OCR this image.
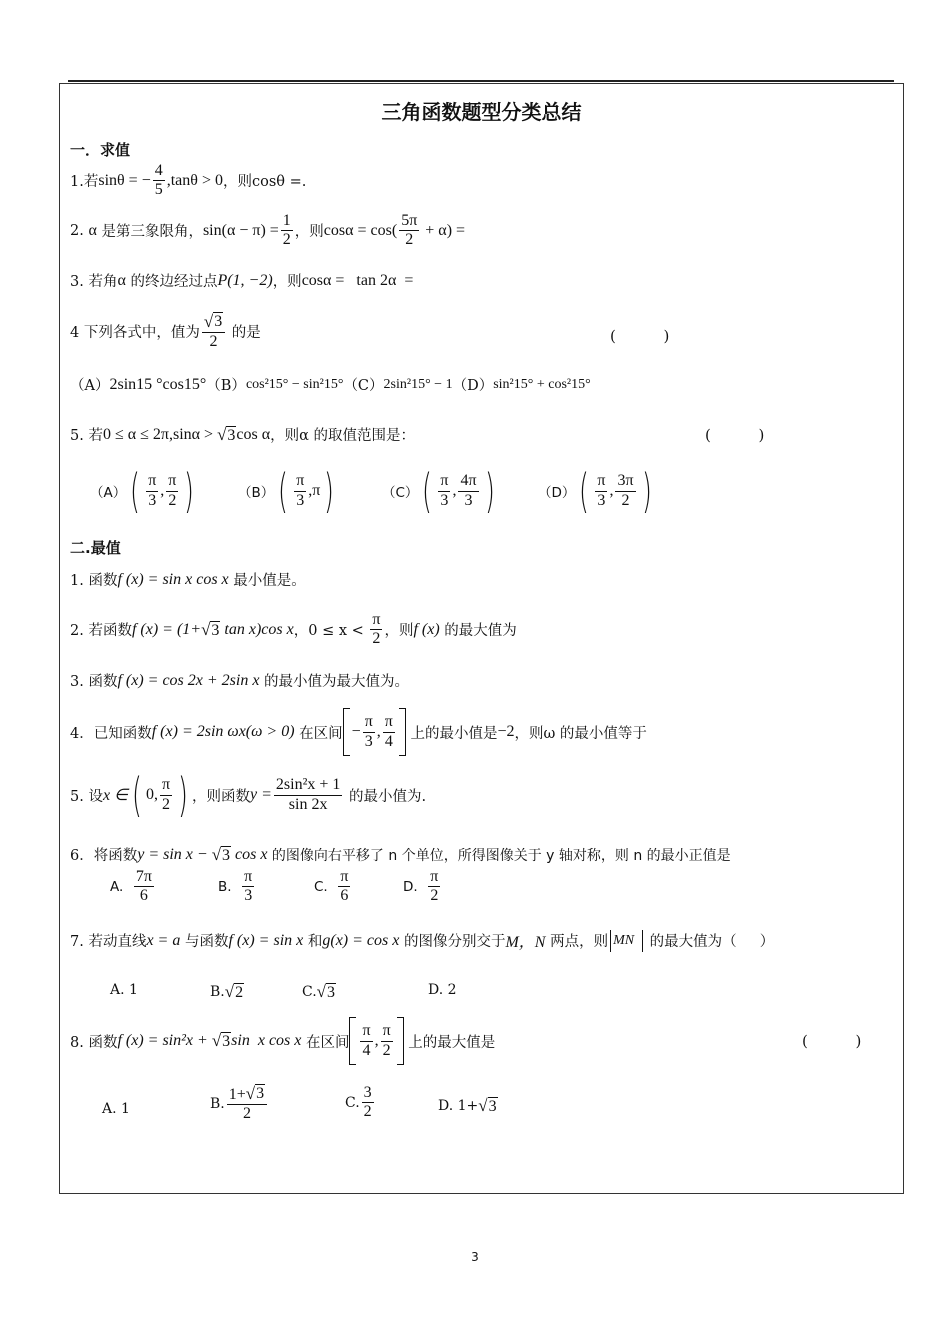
三角函数题型分类总结
一．求值
1.若 sinθ = − $\frac{4}{5} ,\tan\theta > 0$ ，则cosθ =.
2. α 是第三象限角， $\sin(\alpha - \pi) = \frac{1}{2}$ ，则 $\cos\alpha = \cos( \frac{5\pi}{2} + \alpha)$ =
3. 若角 α 的终边经过点 P(1, −2) ，则 cosα =   tan 2α  =
4 下列各式中，值为 $\frac{√ 3}{2}$ 的是	(          )
（A） 2sin15 °cos15° （B） cos²15° − sin²15° （C） 2sin²15° − 1 （D） sin²15° + cos²15°
5. 若 0 ≤ α ≤ 2π,sinα > √ 3 cos α ，则α 的取值范围是：	(          )
（A） ( $\frac{\pi}{3}$ , $\frac{\pi}{2}$ )	（B） ( $\frac{\pi}{3}$ , π )	（C） ( $\frac{\pi}{3}$ , $\frac{4\pi}{3}$ )	（D） ( $\frac{\pi}{3}$ , $\frac{3\pi}{2}$ )
二.最值
1. 函数 f (x) = sin x cos x 最小值是。
2. 若函数 f (x) = (1+ √ 3 tan x)cos x ，$0 \le x < \frac{\pi}{2}$ ，则 f (x) 的最大值为
3. 函数 f (x) = cos 2x + 2sin x 的最小值为最大值为。
4．已知函数 f (x) = 2sin ωx(ω > 0) 在区间 − $\frac{\pi}{3}$ , $\frac{\pi}{4}$ 上的最小值是 −2 ，则ω 的最小值等于
5. 设 x ∈ ( 0, $\frac{\pi}{2}$ ) ，则函数 $y = \frac{\text{2sin²x + 1}}{\sin 2x}$ 的最小值为.
6．将函数 y = sin x − √ 3 cos x 的图像向右平移了 n 个单位，所得图像关于 y 轴对称，则 n 的最小正值是
A.
$\frac{7\pi}{6}$	B.
$\frac{\pi}{3}$	C.
$\frac{\pi}{6}$	D.
$\frac{\pi}{2}$
7. 若动直线 x = a 与函数 f (x) = sin x 和 g(x) = cos x 的图像分别交于 M，N 两点，则 MN 的最大值为（     ）
A. 1	B. √ 2	C. √ 3	D. 2
8. 函数 f (x) = sin²x + √ 3 sin  x cos x 在区间 $\frac{\pi}{4}$ , $\frac{\pi}{2}$ 上的最大值是	(          )
A. 1	B. $\frac{1+ √ 3}{2}$	C. $\frac{3}{2}$	D. 1+ √ 3
3
